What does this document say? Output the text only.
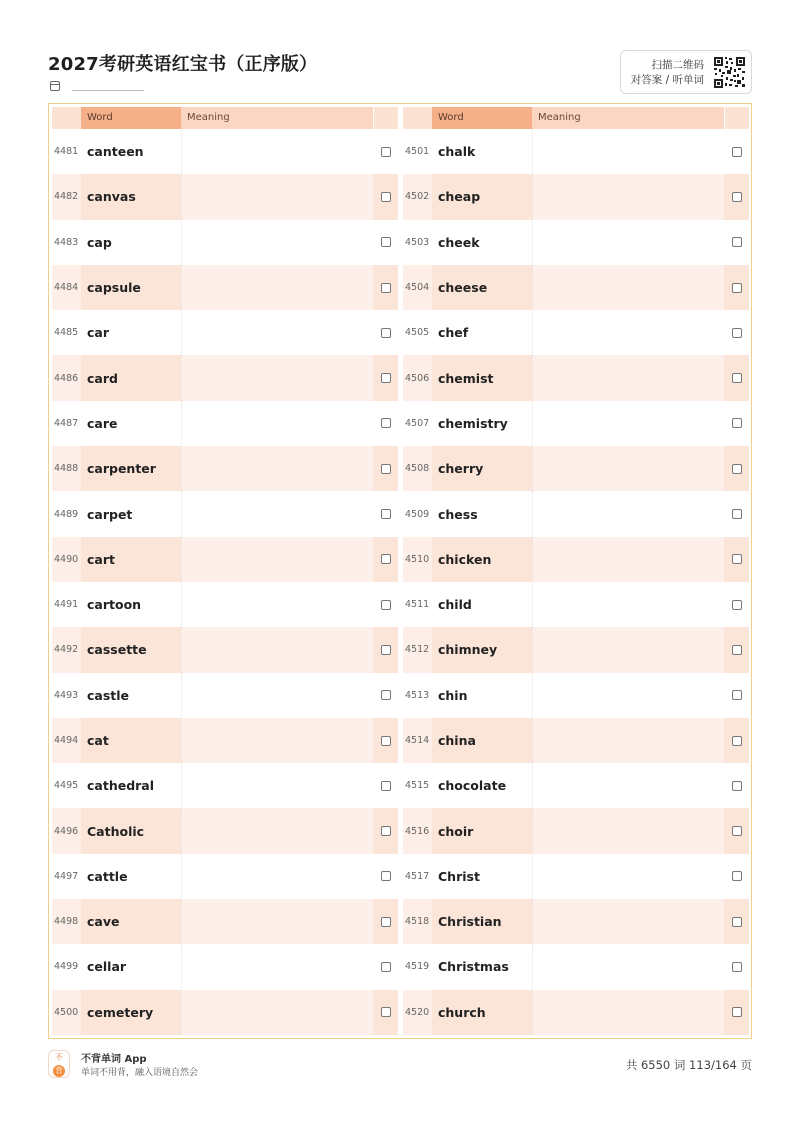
2027考研英语红宝书（正序版）	扫描二维码
对答案 / 听单词
Word	Meaning
4481 canteen
4482 canvas
4483 cap
4484 capsule
4485 car
4486 card
4487 care
4488 carpenter
4489 carpet
4490 cart
4491 cartoon
4492 cassette
4493 castle
4494 cat
4495 cathedral
4496 Catholic
4497 cattle
4498 cave
4499 cellar
4500 cemetery
Word	Meaning
4501 chalk
4502 cheap
4503 cheek
4504 cheese
4505 chef
4506 chemist
4507 chemistry
4508 cherry
4509 chess
4510 chicken
4511 child
4512 chimney
4513 chin
4514 china
4515 chocolate
4516 choir
4517 Christ
4518 Christian
4519 Christmas
4520 church
不
背
不背单词 App
单词不用背，融入语境自然会
共 6550 词 113/164 页
